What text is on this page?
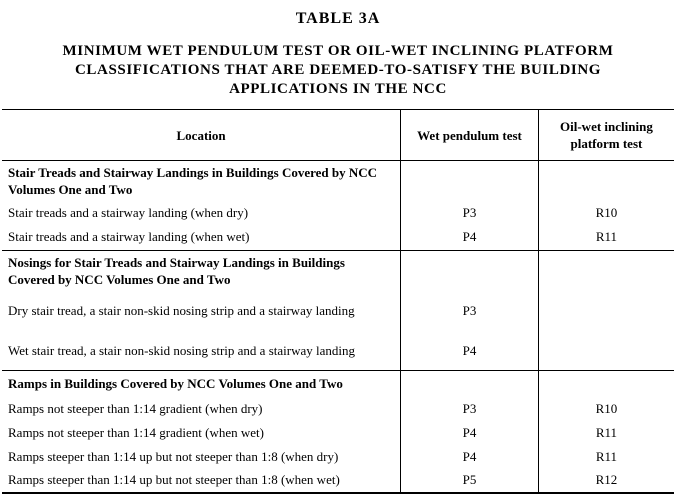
TABLE 3A
MINIMUM WET PENDULUM TEST OR OIL-WET INCLINING PLATFORM CLASSIFICATIONS THAT ARE DEEMED-TO-SATISFY THE BUILDING APPLICATIONS IN THE NCC
Location	Wet pendulum test	Oil-wet inclining platform test
Stair Treads and Stairway Landings in Buildings Covered by NCC Volumes One and Two		
Stair treads and a stairway landing (when dry)	P3	R10
Stair treads and a stairway landing (when wet)	P4	R11
Nosings for Stair Treads and Stairway Landings in Buildings Covered by NCC Volumes One and Two		
Dry stair tread, a stair non-skid nosing strip and a stairway landing	P3	
Wet stair tread, a stair non-skid nosing strip and a stairway landing	P4	
Ramps in Buildings Covered by NCC Volumes One and Two		
Ramps not steeper than 1:14 gradient (when dry)	P3	R10
Ramps not steeper than 1:14 gradient (when wet)	P4	R11
Ramps steeper than 1:14 up but not steeper than 1:8 (when dry)	P4	R11
Ramps steeper than 1:14 up but not steeper than 1:8 (when wet)	P5	R12
